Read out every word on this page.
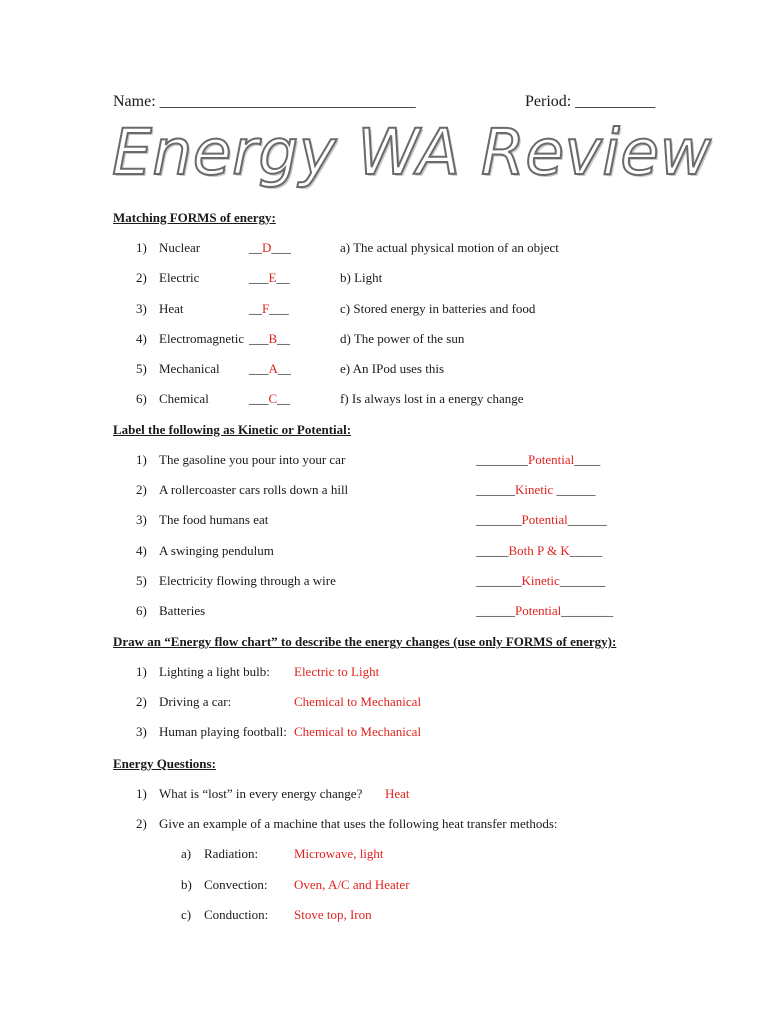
Name: ________________________________	Period: __________
Energy WA Review
Matching FORMS of energy:
1) Nuclear	__D___	a) The actual physical motion of an object
2) Electric	___E__	b) Light
3) Heat	__F___	c) Stored energy in batteries and food
4) Electromagnetic ___B__	d) The power of the sun
5) Mechanical ___A__	e) An IPod uses this
6) Chemical	___C__	f) Is always lost in a energy change
Label the following as Kinetic or Potential:
1) The gasoline you pour into your car	________Potential____
2) A rollercoaster cars rolls down a hill	______Kinetic ______
3) The food humans eat	_______Potential______
4) A swinging pendulum	_____Both P & K_____
5) Electricity flowing through a wire	_______Kinetic_______
6) Batteries	______Potential________
Draw an “Energy flow chart” to describe the energy changes (use only FORMS of energy):
1) Lighting a light bulb: Electric to Light
2) Driving a car:	Chemical to Mechanical
3) Human playing football: Chemical to Mechanical
Energy Questions:
1) What is “lost” in every energy change? Heat
2) Give an example of a machine that uses the following heat transfer methods:
a) Radiation:	Microwave, light
b) Convection: Oven, A/C and Heater
c) Conduction: Stove top, Iron
